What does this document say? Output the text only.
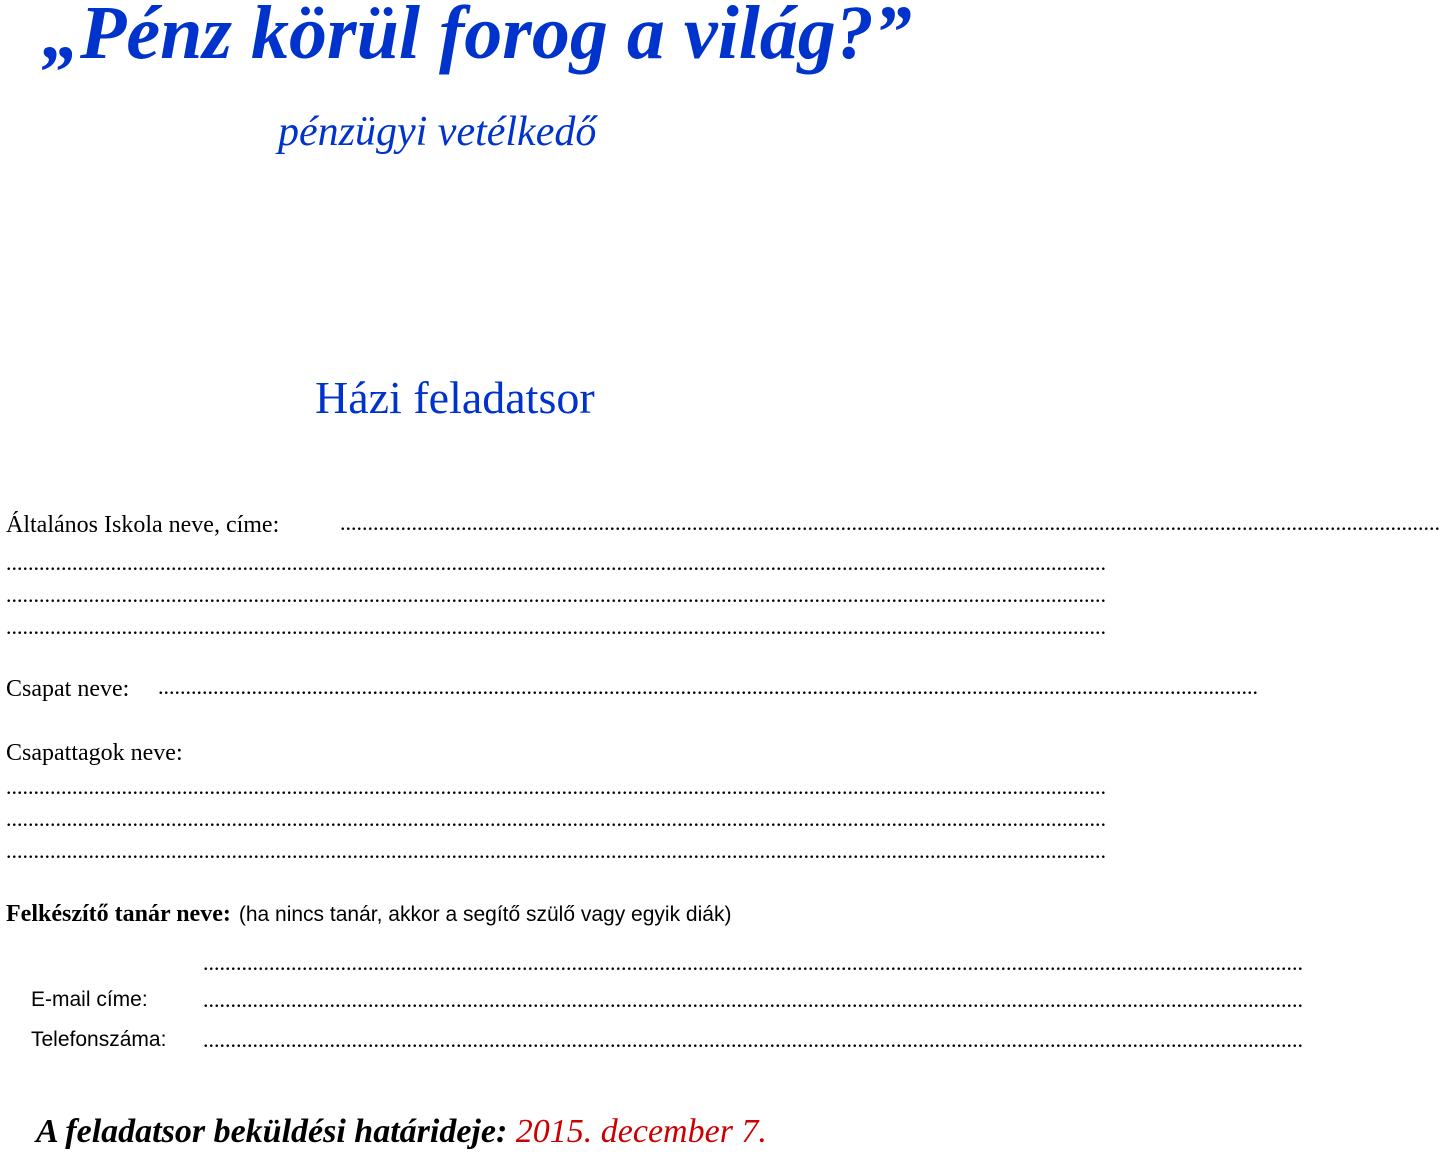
„Pénz körül forog a világ?”
pénzügyi vetélkedő
Házi feladatsor
Általános Iskola neve, címe:	........................................................................................................................................................................................................
........................................................................................................................................................................................................
........................................................................................................................................................................................................
........................................................................................................................................................................................................
Csapat neve: ........................................................................................................................................................................................................
Csapattagok neve:
........................................................................................................................................................................................................
........................................................................................................................................................................................................
........................................................................................................................................................................................................
Felkészítő tanár neve: (ha nincs tanár, akkor a segítő szülő vagy egyik diák)
........................................................................................................................................................................................................
E-mail címe:	........................................................................................................................................................................................................
Telefonszáma: ........................................................................................................................................................................................................
A feladatsor beküldési határideje: 2015. december 7.
